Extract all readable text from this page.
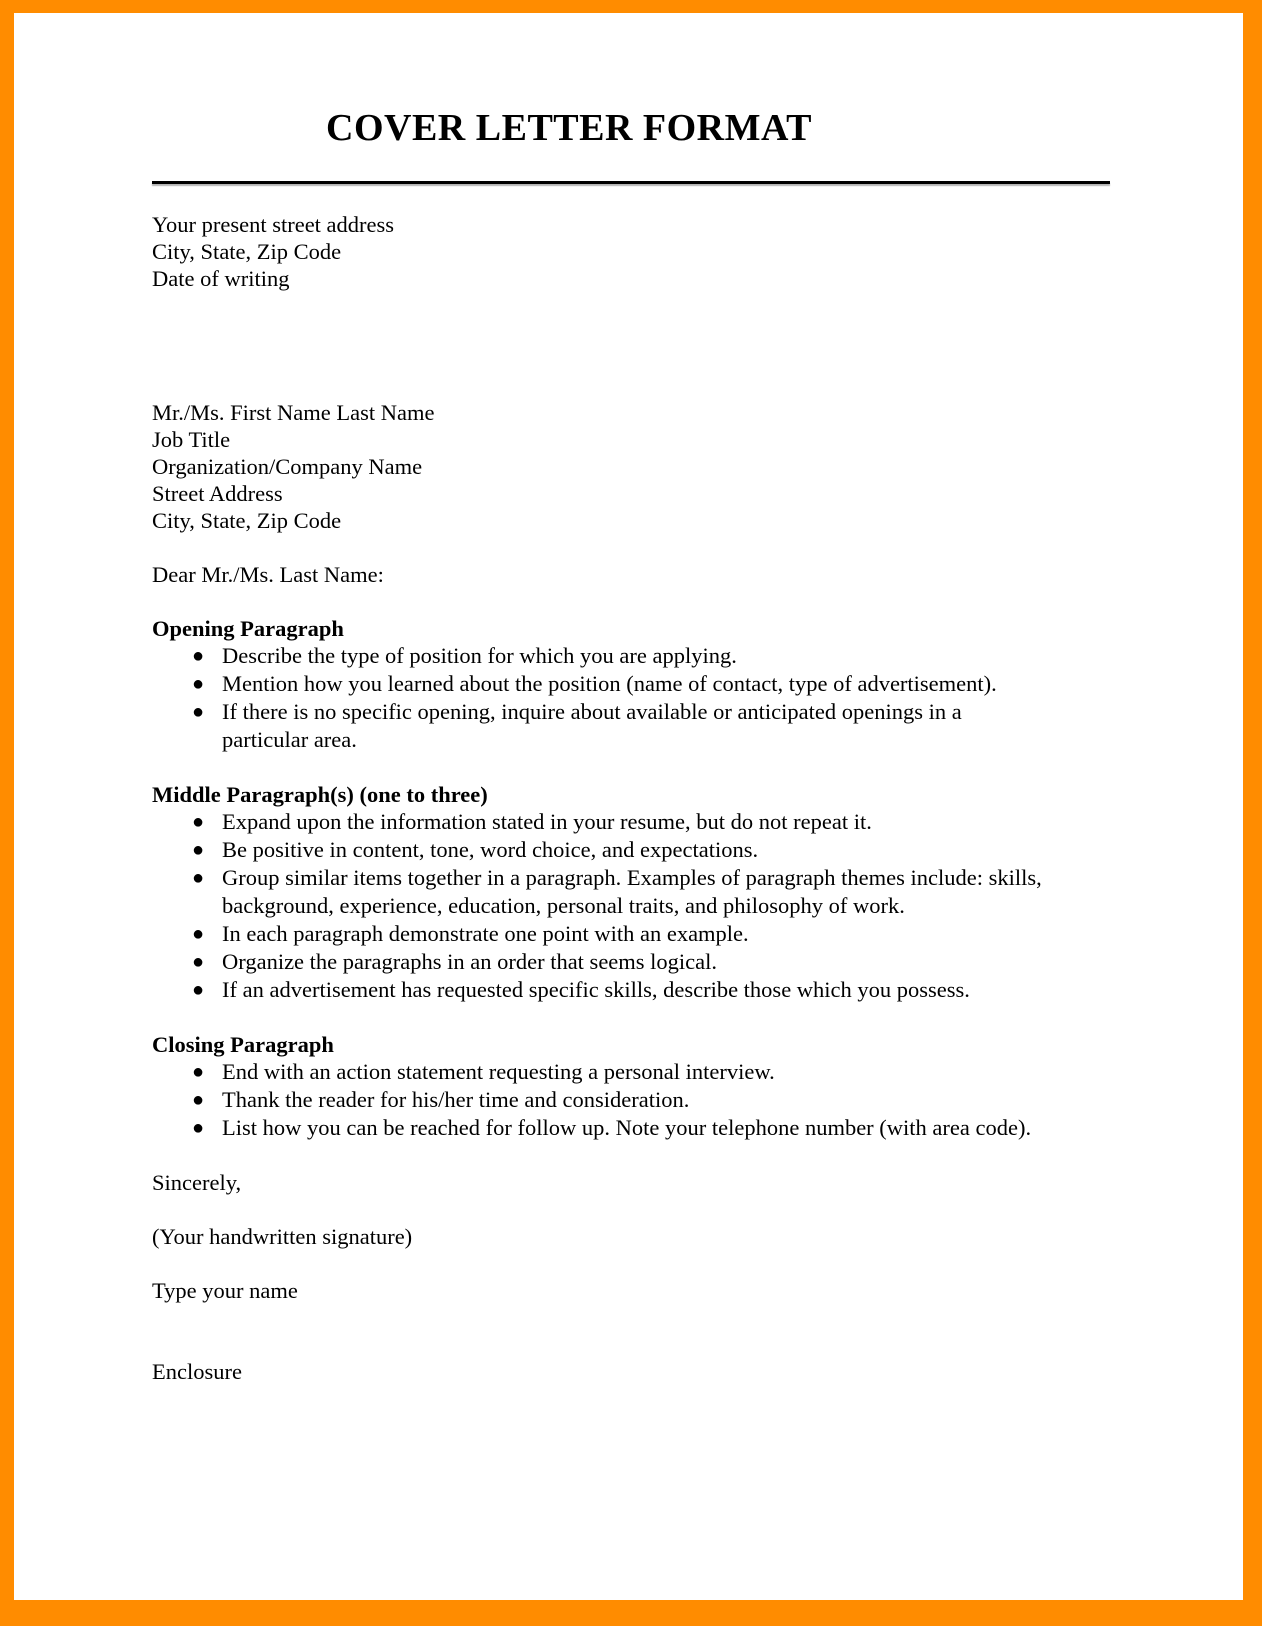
COVER LETTER FORMAT
Your present street address
City, State, Zip Code
Date of writing
Mr./Ms. First Name Last Name
Job Title
Organization/Company Name
Street Address
City, State, Zip Code
Dear Mr./Ms. Last Name:
Opening Paragraph
● Describe the type of position for which you are applying.
● Mention how you learned about the position (name of contact, type of advertisement).
● If there is no specific opening, inquire about available or anticipated openings in a particular area.
Middle Paragraph(s) (one to three)
● Expand upon the information stated in your resume, but do not repeat it.
● Be positive in content, tone, word choice, and expectations.
● Group similar items together in a paragraph. Examples of paragraph themes include: skills, background, experience, education, personal traits, and philosophy of work.
● In each paragraph demonstrate one point with an example.
● Organize the paragraphs in an order that seems logical.
● If an advertisement has requested specific skills, describe those which you possess.
Closing Paragraph
● End with an action statement requesting a personal interview.
● Thank the reader for his/her time and consideration.
● List how you can be reached for follow up. Note your telephone number (with area code).
Sincerely,
(Your handwritten signature)
Type your name
Enclosure
